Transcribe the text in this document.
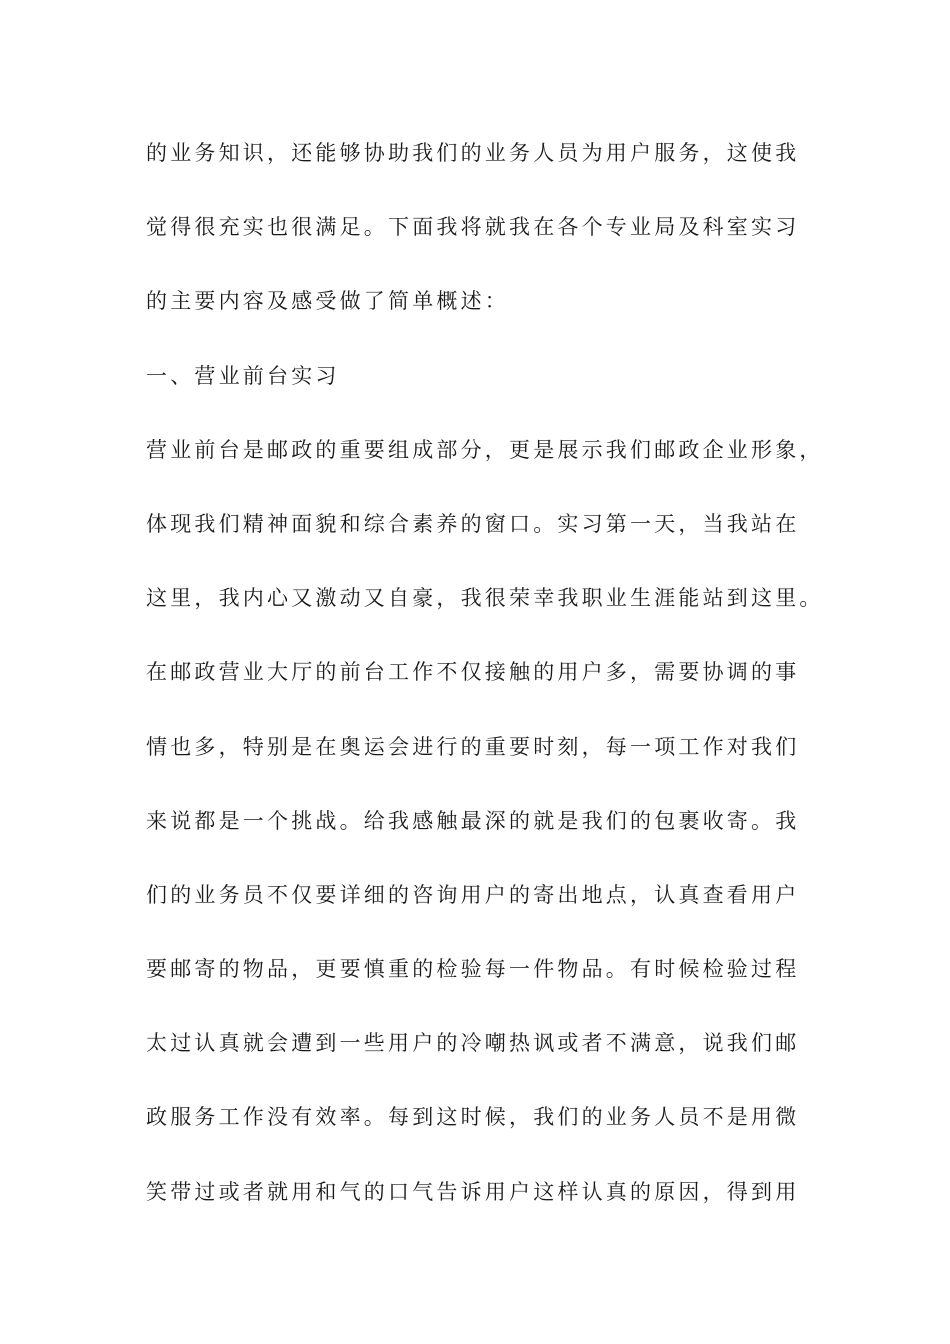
的业务知识，还能够协助我们的业务人员为用户服务，这使我
觉得很充实也很满足。下面我将就我在各个专业局及科室实习
的主要内容及感受做了简单概述：
一、营业前台实习
营业前台是邮政的重要组成部分，更是展示我们邮政企业形象，
体现我们精神面貌和综合素养的窗口。实习第一天，当我站在
这里，我内心又激动又自豪，我很荣幸我职业生涯能站到这里。
在邮政营业大厅的前台工作不仅接触的用户多，需要协调的事
情也多，特别是在奥运会进行的重要时刻，每一项工作对我们
来说都是一个挑战。给我感触最深的就是我们的包裹收寄。我
们的业务员不仅要详细的咨询用户的寄出地点，认真查看用户
要邮寄的物品，更要慎重的检验每一件物品。有时候检验过程
太过认真就会遭到一些用户的冷嘲热讽或者不满意，说我们邮
政服务工作没有效率。每到这时候，我们的业务人员不是用微
笑带过或者就用和气的口气告诉用户这样认真的原因，得到用
